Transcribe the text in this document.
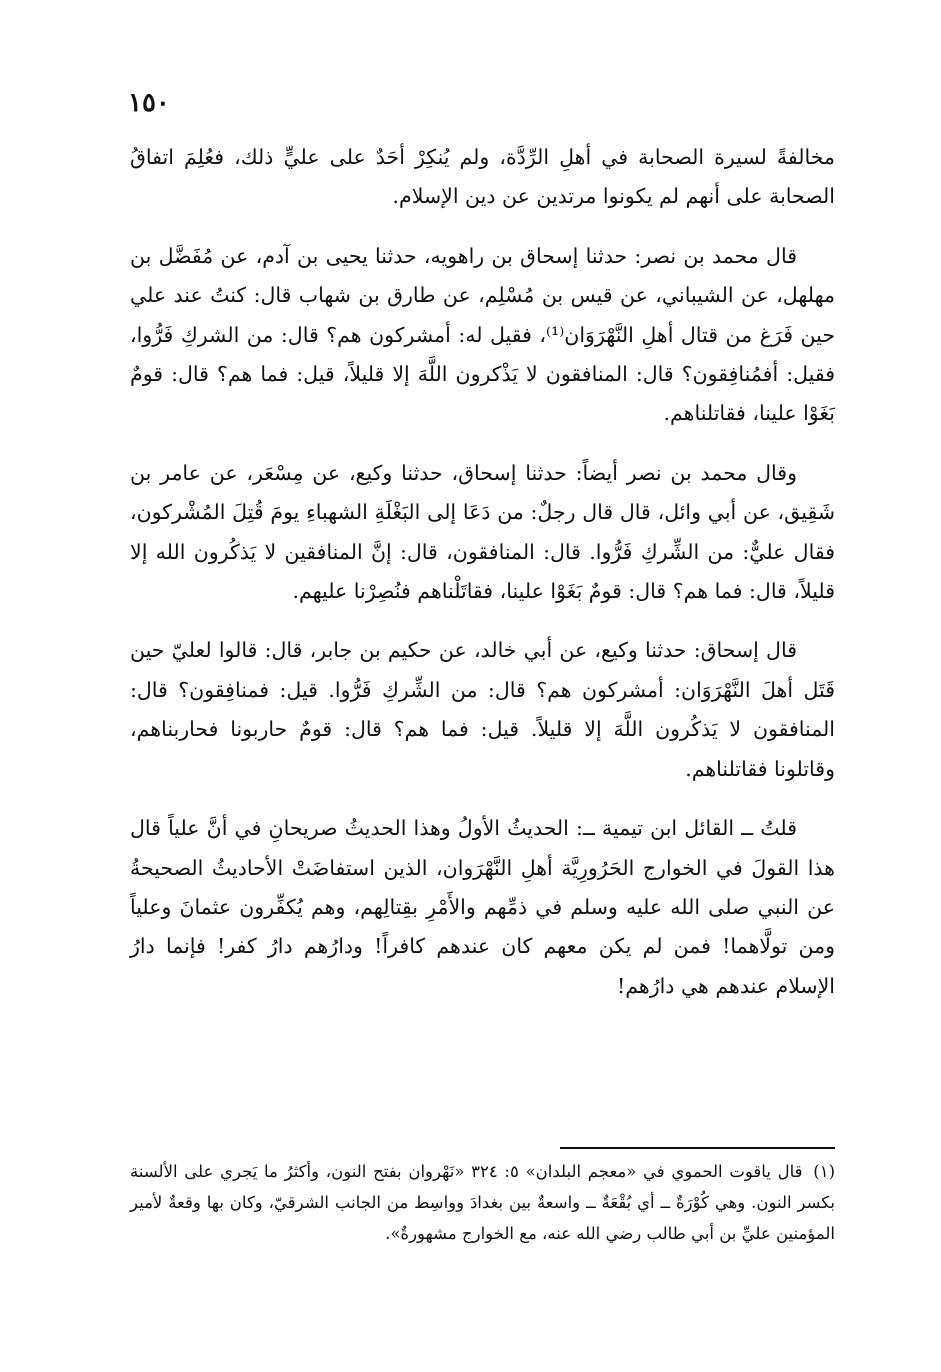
١٥٠

مخالفةً لسيرة الصحابة في أهلِ الرِّدَّة، ولم يُنكِرْ أحَدٌ على عليٍّ ذلك، فعُلِمَ اتفاقُ الصحابة على أنهم لم يكونوا مرتدين عن دين الإسلام.

قال محمد بن نصر: حدثنا إسحاق بن راهويه، حدثنا يحيى بن آدم، عن مُفَضَّل بن مهلهل، عن الشيباني، عن قيس بن مُسْلِم، عن طارق بن شهاب قال: كنتُ عند علي حين فَرَغ من قتال أهلِ النَّهْرَوَان⁽¹⁾، فقيل له: أمشركون هم؟ قال: من الشركِ فَرُّوا، فقيل: أفمُنافِقون؟ قال: المنافقون لا يَذْكرون اللَّهَ إلا قليلاً، قيل: فما هم؟ قال: قومٌ بَغَوْا علينا، فقاتلناهم.

وقال محمد بن نصر أيضاً: حدثنا إسحاق، حدثنا وكيع، عن مِسْعَر، عن عامر بن شَقِيق، عن أبي وائل، قال قال رجلٌ: من دَعَا إلى البَغْلَةِ الشهباءِ يومَ قُتِلَ المُشْركون، فقال عليٌّ: من الشِّركِ فَرُّوا. قال: المنافقون، قال: إنَّ المنافقين لا يَذكُرون الله إلا قليلاً، قال: فما هم؟ قال: قومٌ بَغَوْا علينا، فقاتَلْناهم فنُصِرْنا عليهم.

قال إسحاق: حدثنا وكيع، عن أبي خالد، عن حكيم بن جابر، قال: قالوا لعليّ حين قَتَل أهلَ النَّهْرَوَان: أمشركون هم؟ قال: من الشِّركِ فَرُّوا. قيل: فمنافِقون؟ قال: المنافقون لا يَذكُرون اللَّهَ إلا قليلاً. قيل: فما هم؟ قال: قومٌ حاربونا فحاربناهم، وقاتلونا فقاتلناهم.

قلتُ ــ القائل ابن تيمية ــ: الحديثُ الأولُ وهذا الحديثُ صريحانِ في أنَّ علياً قال هذا القولَ في الخوارج الحَرُورِيَّة أهلِ النَّهْرَوان، الذين استفاضَتْ الأحاديثُ الصحيحةُ عن النبي صلى الله عليه وسلم في ذمِّهم والأَمْرِ بقِتالِهم، وهم يُكفِّرون عثمانَ وعلياً ومن تولَّاهما! فمن لم يكن معهم كان عندهم كافراً! ودارُهم دارُ كفر! فإنما دارُ الإسلام عندهم هي دارُهم!

(١) قال ياقوت الحموي في «معجم البلدان» ٥: ٣٢٤ «نَهْروان بفتح النون، وأكثرُ ما يَجري على الألسنة بكسر النون. وهي كُوْرَةٌ ــ أي بُقْعَةٌ ــ واسعةٌ بين بغدادَ وواسِط من الجانب الشرقيّ، وكان بها وقعةٌ لأمير المؤمنين عليِّ بن أبي طالب رضي الله عنه، مع الخوارج مشهورةٌ».
